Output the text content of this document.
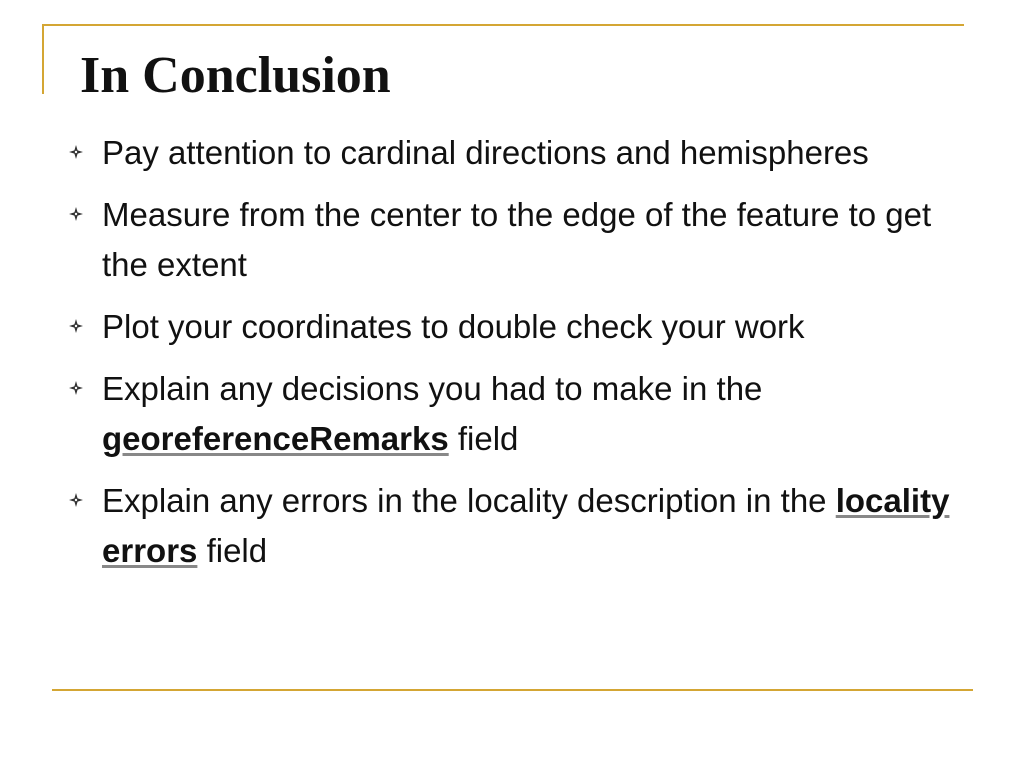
In Conclusion
Pay attention to cardinal directions and hemispheres
Measure from the center to the edge of the feature to get the extent
Plot your coordinates to double check your work
Explain any decisions you had to make in the georeferenceRemarks field
Explain any errors in the locality description in the locality errors field
